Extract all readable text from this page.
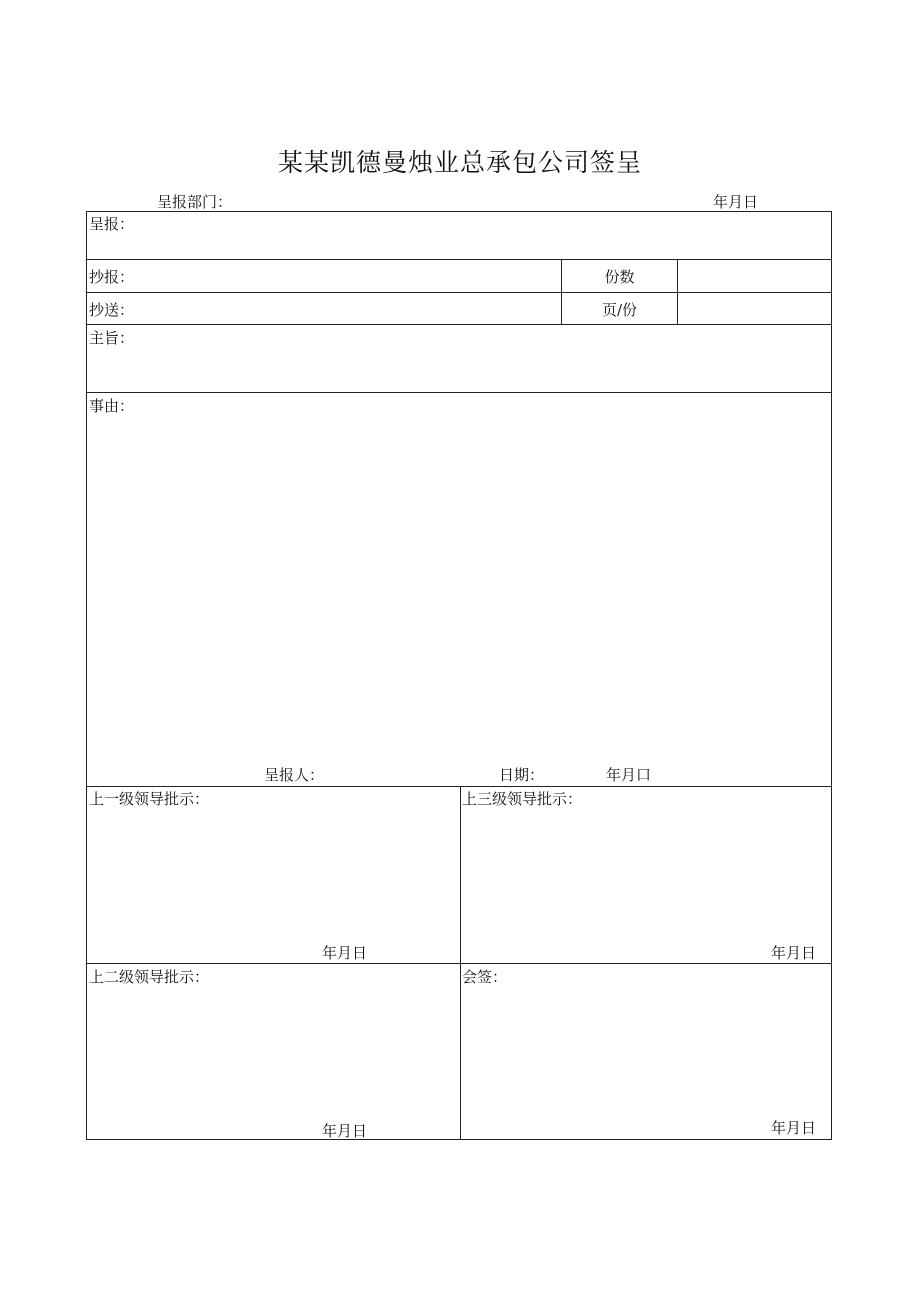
某某凯德曼烛业总承包公司签呈
呈报部门：	年月日
呈报：
抄报：	份数
抄送：	页/份
主旨：
事由：
呈报人：	日期：	年月口
上一级领导批示：
年月日
上三级领导批示：
年月日
上二级领导批示：
年月日
会签：
年月日
